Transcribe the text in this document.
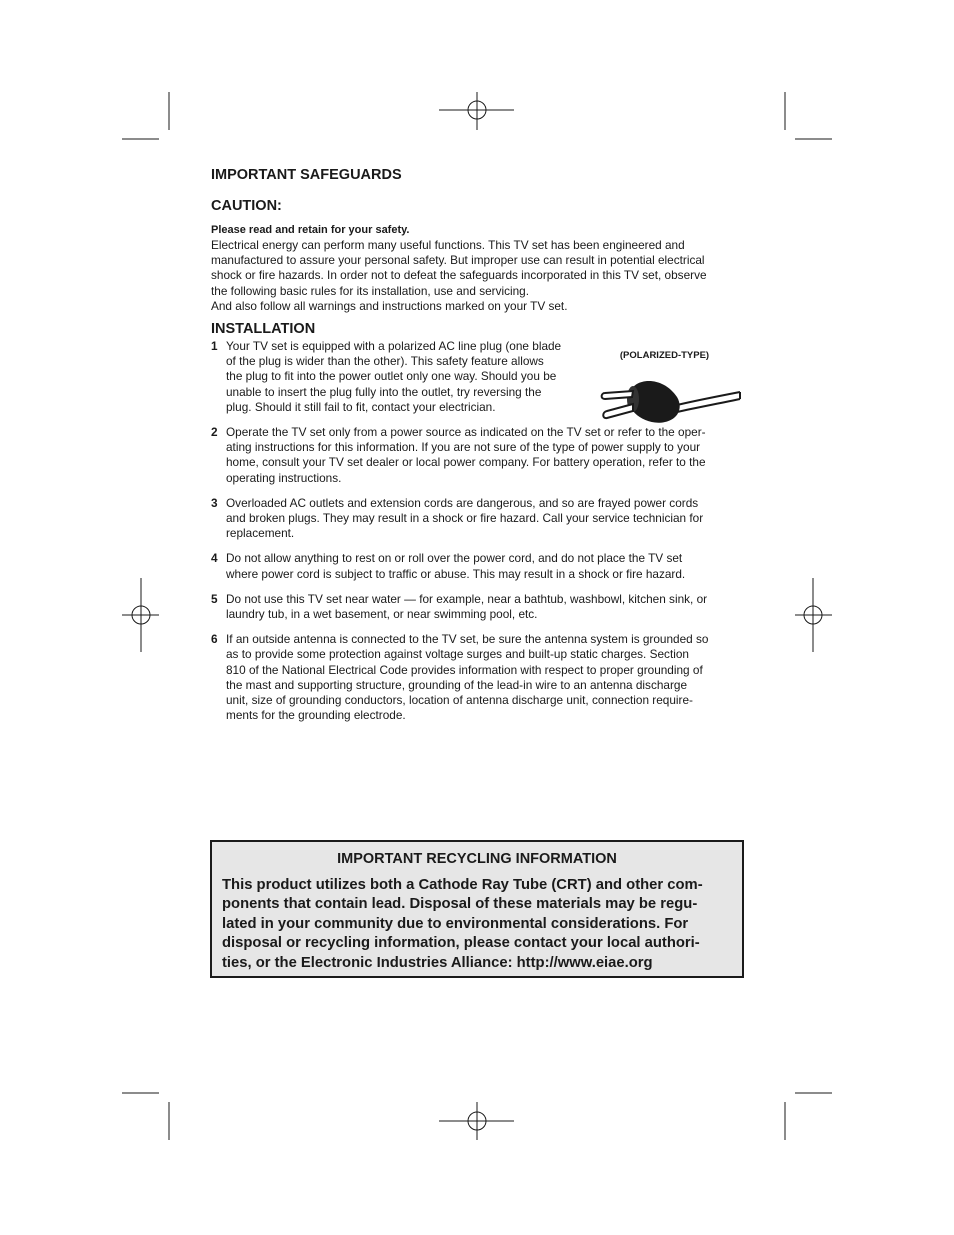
IMPORTANT SAFEGUARDS
CAUTION:
Please read and retain for your safety.
Electrical energy can perform many useful functions. This TV set has been engineered and
manufactured to assure your personal safety. But improper use can result in potential electrical
shock or fire hazards. In order not to defeat the safeguards incorporated in this TV set, observe
the following basic rules for its installation, use and servicing.
And also follow all warnings and instructions marked on your TV set.
INSTALLATION
1 Your TV set is equipped with a polarized AC line plug (one blade
of the plug is wider than the other). This safety feature allows
the plug to fit into the power outlet only one way. Should you be
unable to insert the plug fully into the outlet, try reversing the
plug. Should it still fail to fit, contact your electrician.
2 Operate the TV set only from a power source as indicated on the TV set or refer to the oper-
ating instructions for this information. If you are not sure of the type of power supply to your
home, consult your TV set dealer or local power company. For battery operation, refer to the
operating instructions.
3 Overloaded AC outlets and extension cords are dangerous, and so are frayed power cords
and broken plugs. They may result in a shock or fire hazard. Call your service technician for
replacement.
4 Do not allow anything to rest on or roll over the power cord, and do not place the TV set
where power cord is subject to traffic or abuse. This may result in a shock or fire hazard.
5 Do not use this TV set near water — for example, near a bathtub, washbowl, kitchen sink, or
laundry tub, in a wet basement, or near swimming pool, etc.
6 If an outside antenna is connected to the TV set, be sure the antenna system is grounded so
as to provide some protection against voltage surges and built-up static charges. Section
810 of the National Electrical Code provides information with respect to proper grounding of
the mast and supporting structure, grounding of the lead-in wire to an antenna discharge
unit, size of grounding conductors, location of antenna discharge unit, connection require-
ments for the grounding electrode.
(POLARIZED-TYPE)
IMPORTANT RECYCLING INFORMATION
This product utilizes both a Cathode Ray Tube (CRT) and other com-
ponents that contain lead. Disposal of these materials may be regu-
lated in your community due to environmental considerations. For
disposal or recycling information, please contact your local authori-
ties, or the Electronic Industries Alliance: http://www.eiae.org
